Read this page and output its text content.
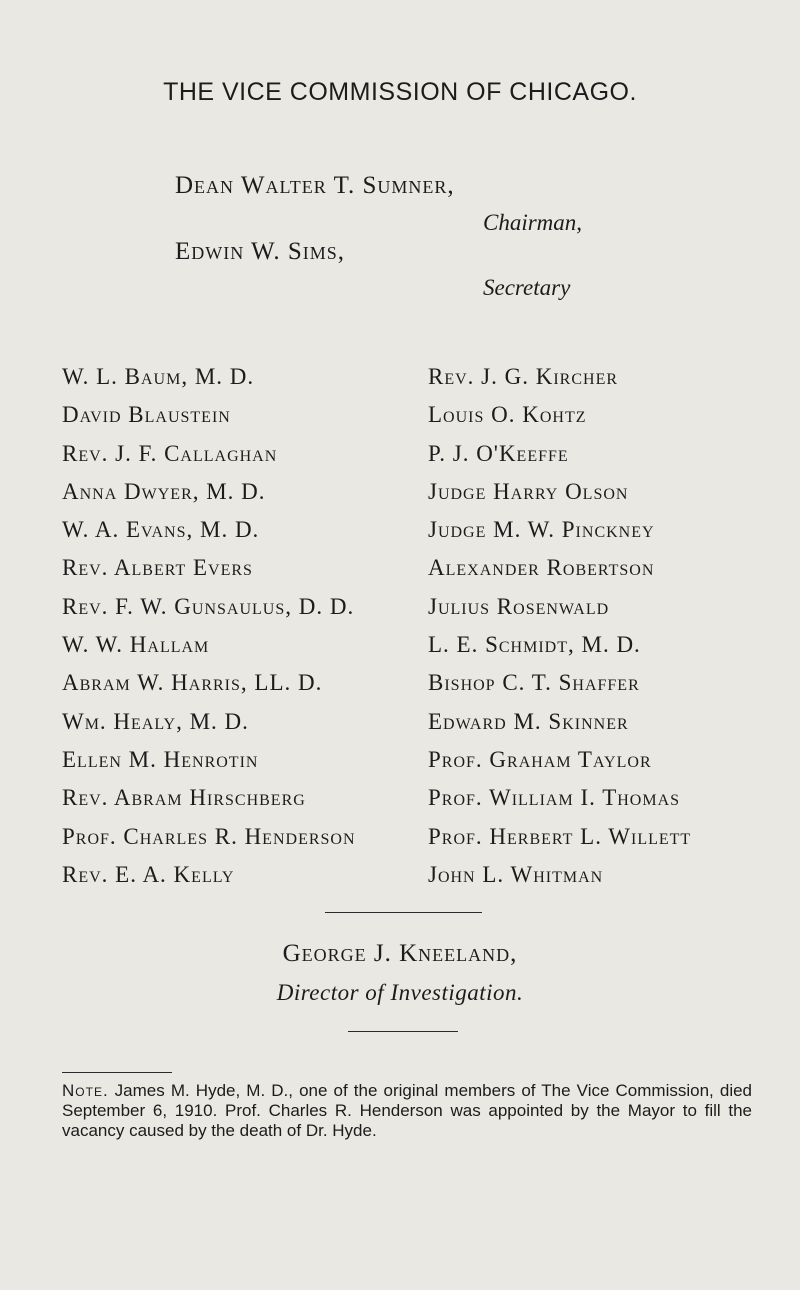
THE VICE COMMISSION OF CHICAGO.
Dean Walter T. Sumner,
Chairman,
Edwin W. Sims,
Secretary
W. L. Baum, M. D.
David Blaustein
Rev. J. F. Callaghan
Anna Dwyer, M. D.
W. A. Evans, M. D.
Rev. Albert Evers
Rev. F. W. Gunsaulus, D. D.
W. W. Hallam
Abram W. Harris, LL. D.
Wm. Healy, M. D.
Ellen M. Henrotin
Rev. Abram Hirschberg
Prof. Charles R. Henderson
Rev. E. A. Kelly
Rev. J. G. Kircher
Louis O. Kohtz
P. J. O'Keeffe
Judge Harry Olson
Judge M. W. Pinckney
Alexander Robertson
Julius Rosenwald
L. E. Schmidt, M. D.
Bishop C. T. Shaffer
Edward M. Skinner
Prof. Graham Taylor
Prof. William I. Thomas
Prof. Herbert L. Willett
John L. Whitman
George J. Kneeland,
Director of Investigation.

Note. James M. Hyde, M. D., one of the original members of The Vice Commission, died September 6, 1910. Prof. Charles R. Henderson was appointed by the Mayor to fill the vacancy caused by the death of Dr. Hyde.
